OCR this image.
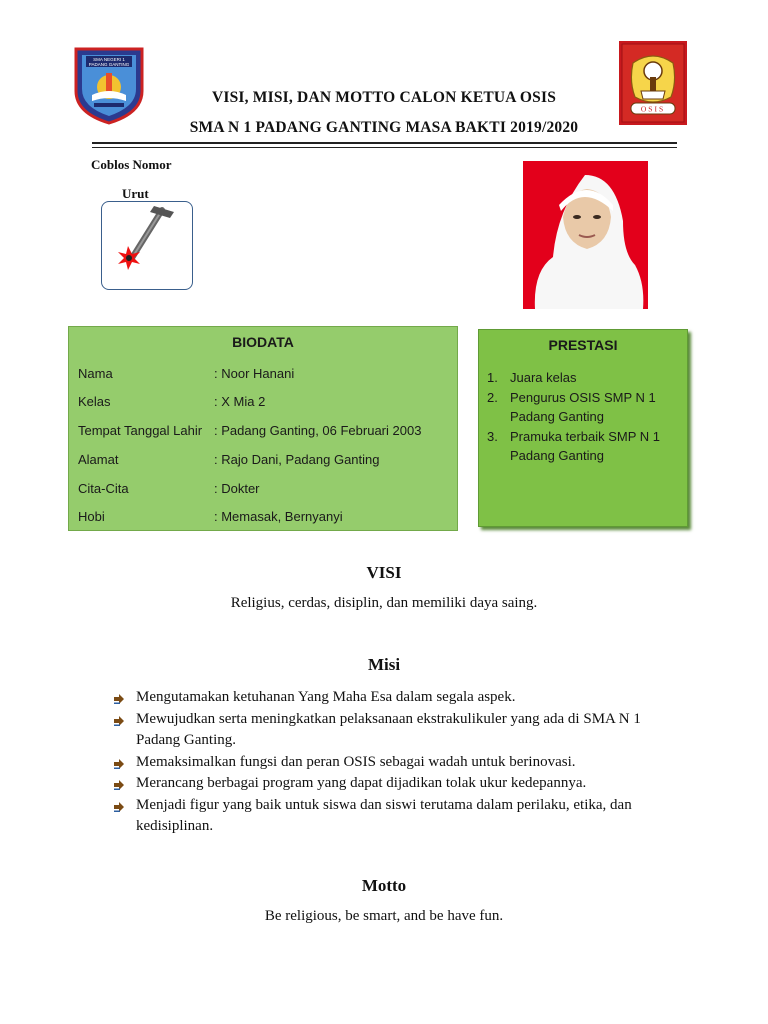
SMA NEGERI 1
PADANG GANTING
OSIS
VISI, MISI, DAN MOTTO CALON KETUA OSIS
SMA N 1 PADANG GANTING MASA BAKTI 2019/2020
Coblos Nomor
Urut
BIODATA
Nama	: Noor Hanani
Kelas	: X Mia 2
Tempat Tanggal Lahir : Padang Ganting, 06 Februari 2003
Alamat	: Rajo Dani, Padang Ganting
Cita-Cita	: Dokter
Hobi	: Memasak, Bernyanyi
PRESTASI
1. Juara kelas
2. Pengurus OSIS SMP N 1 Padang Ganting
3. Pramuka terbaik SMP N 1 Padang Ganting
VISI
Religius, cerdas, disiplin, dan memiliki daya saing.
Misi
Mengutamakan ketuhanan Yang Maha Esa dalam segala aspek.
Mewujudkan serta meningkatkan pelaksanaan ekstrakulikuler yang ada di SMA N 1 Padang Ganting.
Memaksimalkan fungsi dan peran OSIS sebagai wadah untuk berinovasi.
Merancang berbagai program yang dapat dijadikan tolak ukur kedepannya.
Menjadi figur yang baik untuk siswa dan siswi terutama dalam perilaku, etika, dan kedisiplinan.
Motto
Be religious, be smart, and be have fun.
